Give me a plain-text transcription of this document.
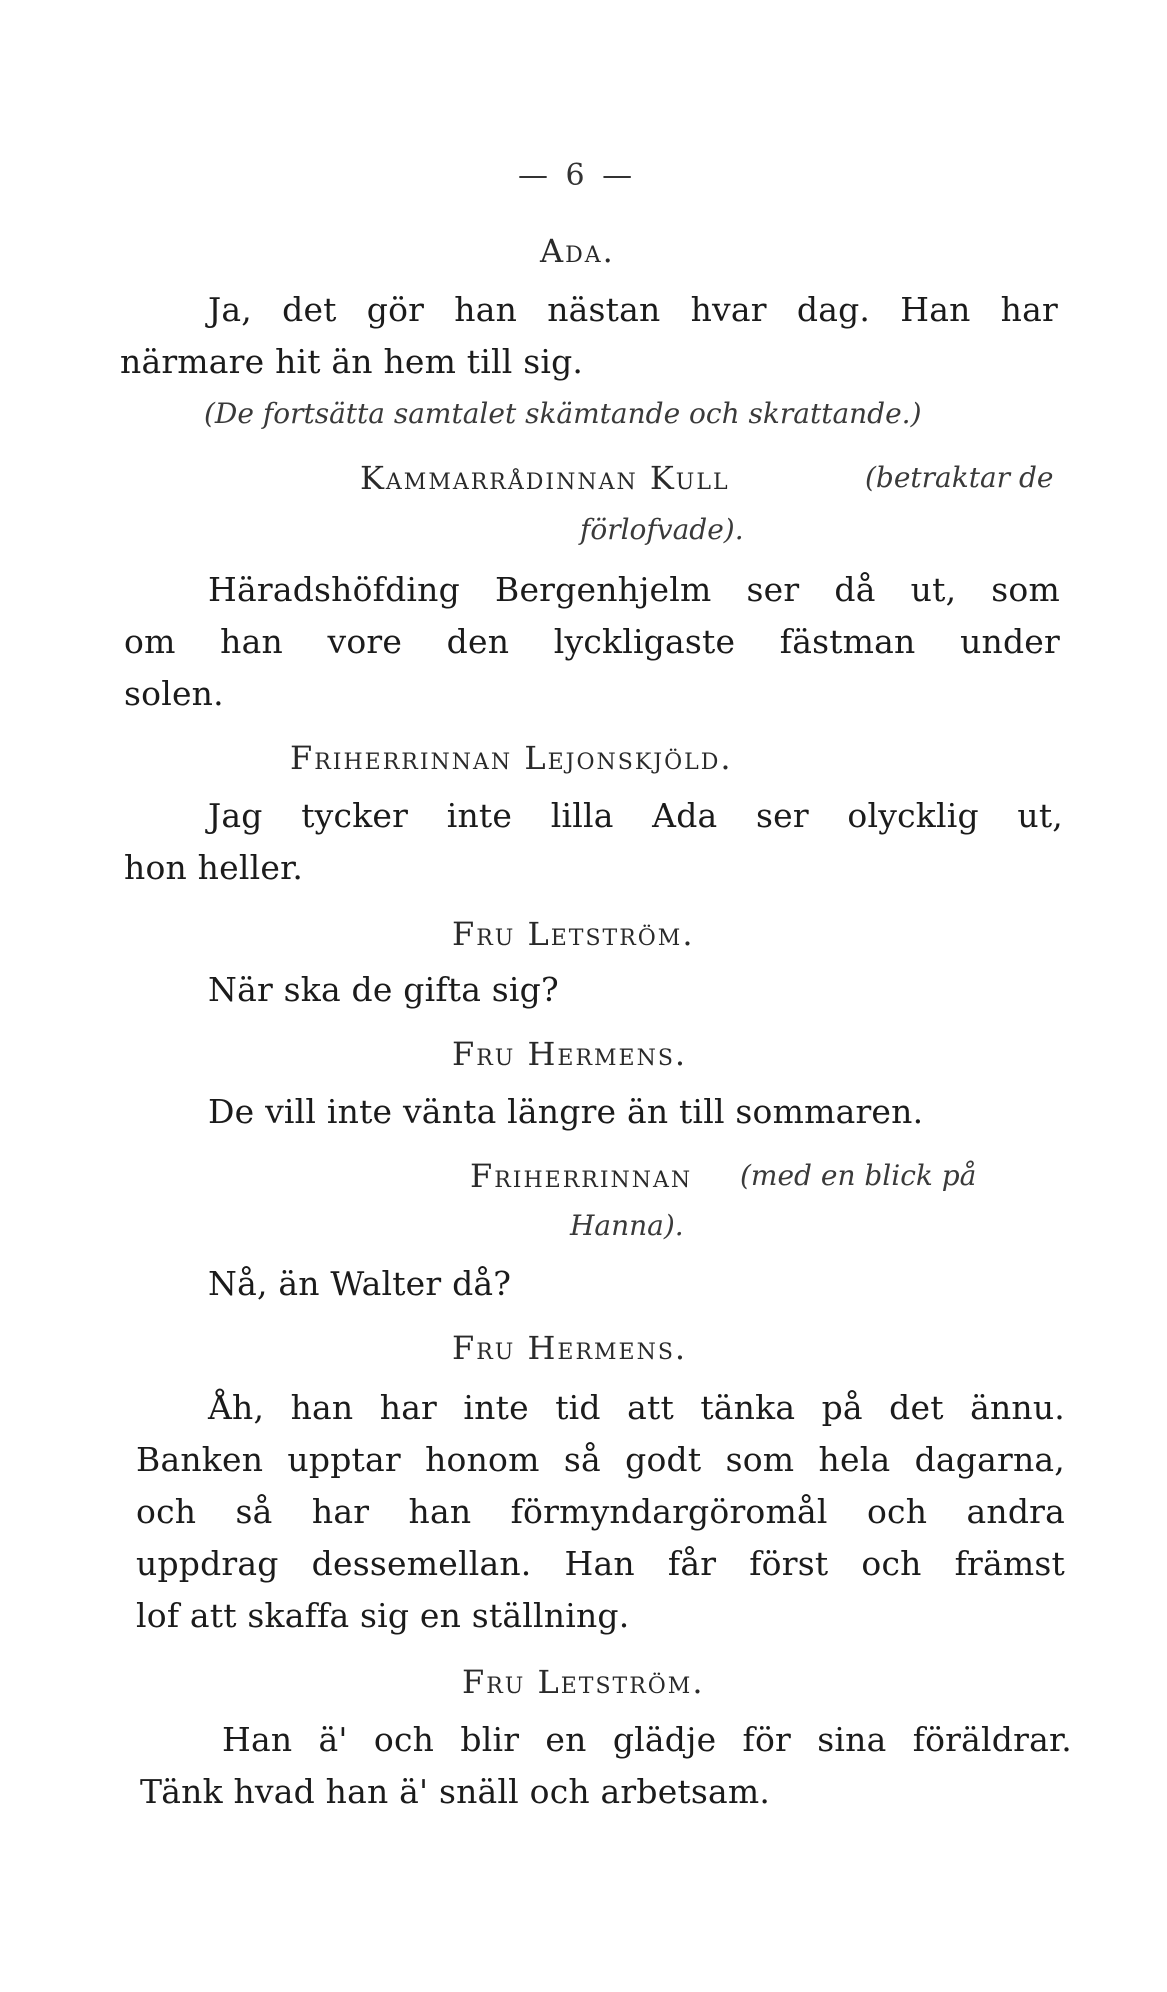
— 6 —
Ada.
Ja, det gör han nästan hvar dag. Han har
närmare hit än hem till sig.
(De fortsätta samtalet skämtande och skrattande.)
Kammarrådinnan Kull	(betraktar de
förlofvade).
Häradshöfding Bergenhjelm ser då ut, som
om han vore den lyckligaste fästman under
solen.
Friherrinnan Lejonskjöld.
Jag tycker inte lilla Ada ser olycklig ut,
hon heller.
Fru Letström.
När ska de gifta sig?
Fru Hermens.
De vill inte vänta längre än till sommaren.
Friherrinnan (med en blick på
Hanna).
Nå, än Walter då?
Fru Hermens.
Åh, han har inte tid att tänka på det ännu.
Banken upptar honom så godt som hela dagarna,
och så har han förmyndargöromål och andra
uppdrag dessemellan. Han får först och främst
lof att skaffa sig en ställning.
Fru Letström.
Han ä' och blir en glädje för sina föräldrar.
Tänk hvad han ä' snäll och arbetsam.
